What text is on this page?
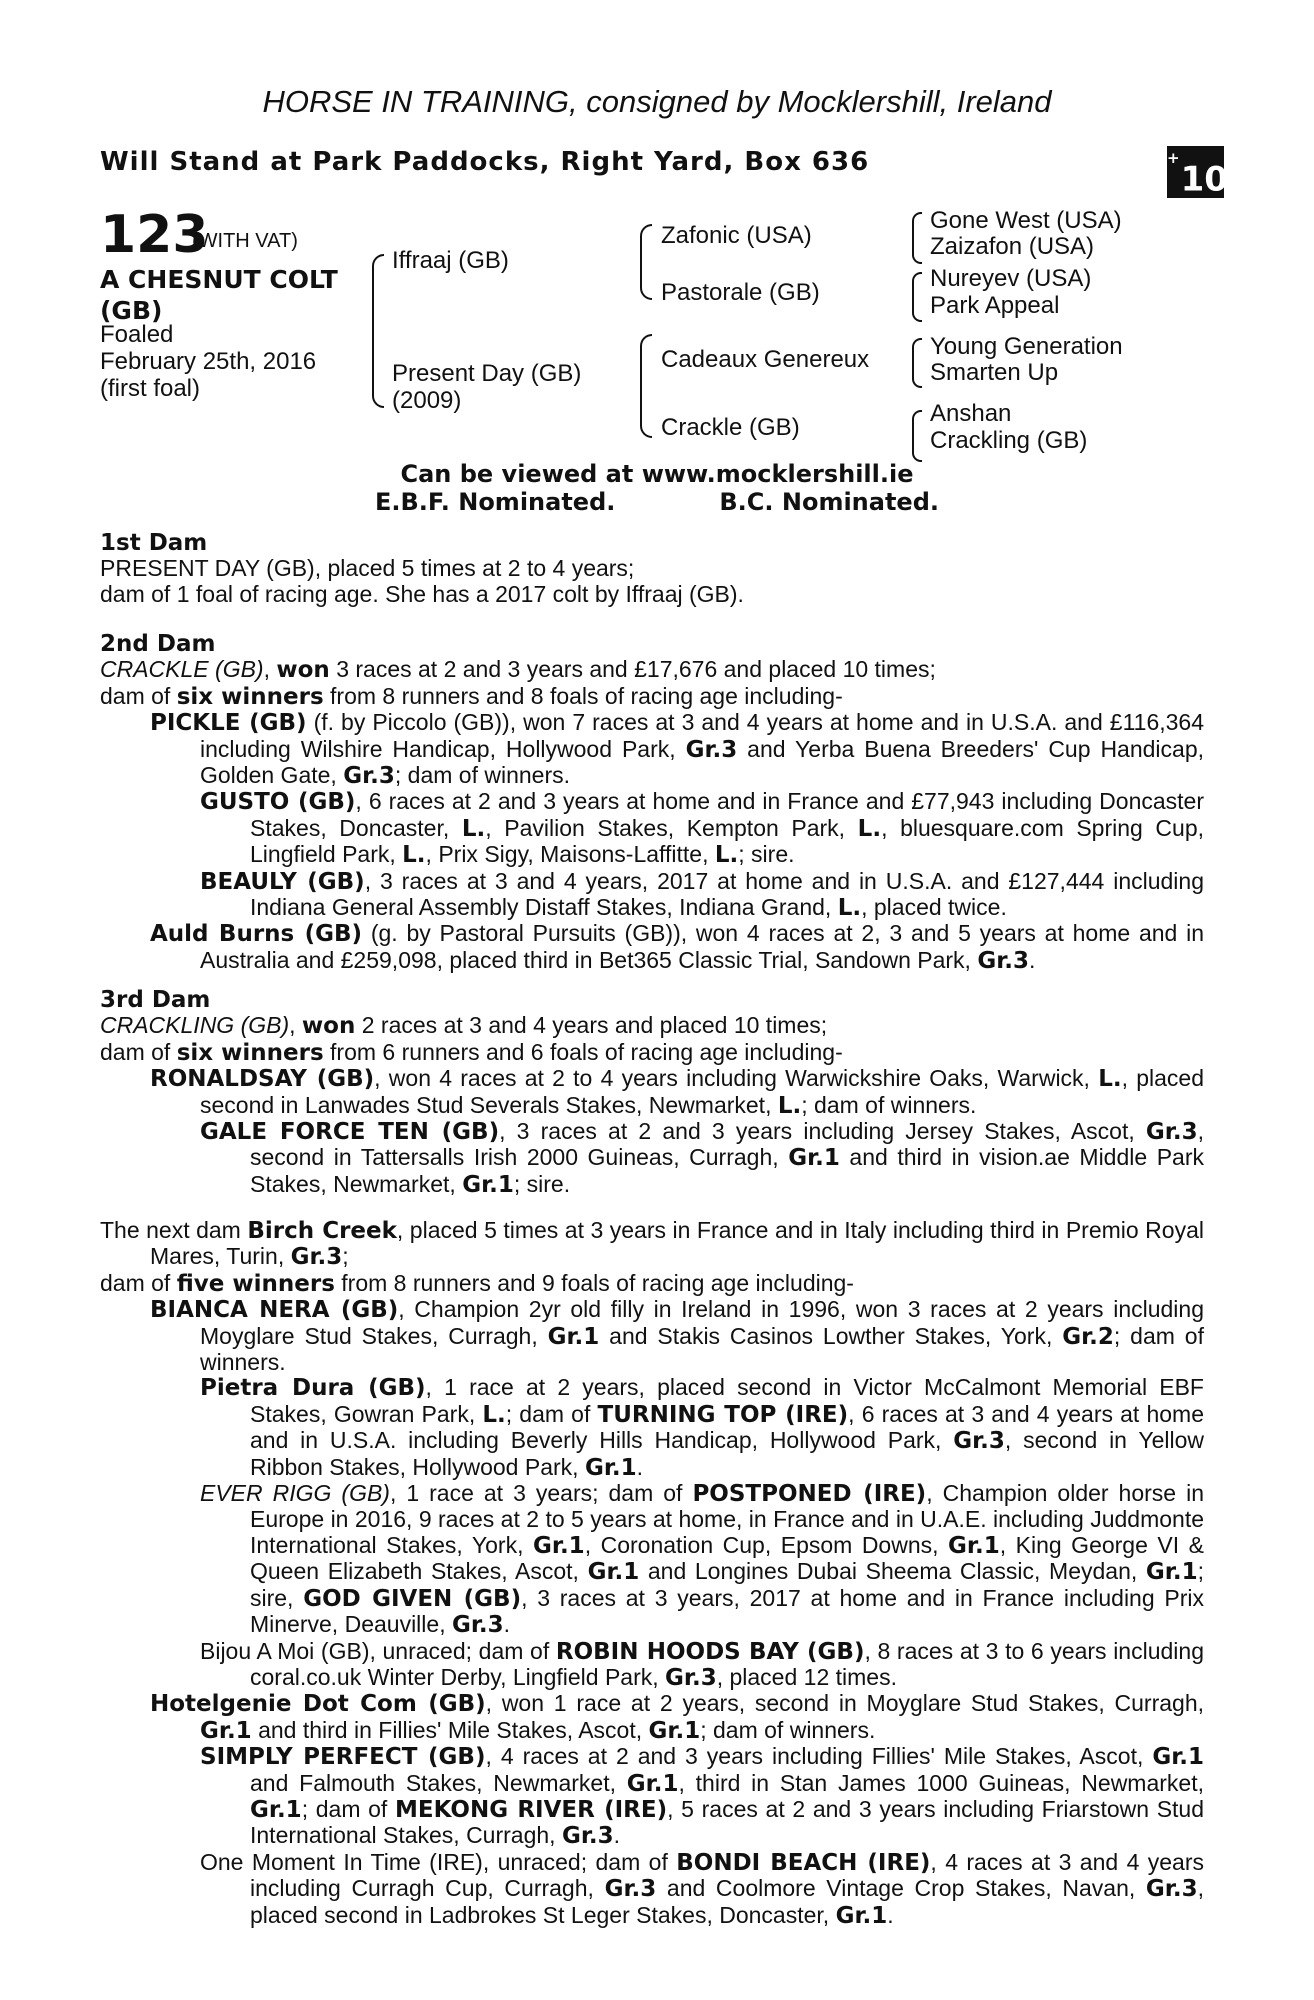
HORSE IN TRAINING, consigned by Mocklershill, Ireland
Will Stand at Park Paddocks, Right Yard, Box 636	+10
123
(WITH VAT)
A CHESNUT COLT
(GB)
Foaled
February 25th, 2016
(first foal)
Iffraaj (GB)
Present Day (GB)
(2009)
Zafonic (USA)
Pastorale (GB)
Cadeaux Genereux
Crackle (GB)
Gone West (USA)
Zaizafon (USA)
Nureyev (USA)
Park Appeal
Young Generation
Smarten Up
Anshan
Crackling (GB)
Can be viewed at www.mocklershill.ie
E.B.F. Nominated.	B.C. Nominated.

1st Dam

PRESENT DAY (GB), placed 5 times at 2 to 4 years;

dam of 1 foal of racing age. She has a 2017 colt by Iffraaj (GB).

2nd Dam

CRACKLE (GB), won 3 races at 2 and 3 years and £17,676 and placed 10 times;

dam of six winners from 8 runners and 8 foals of racing age including-

PICKLE (GB) (f. by Piccolo (GB)), won 7 races at 3 and 4 years at home and in U.S.A. and £116,364 including Wilshire Handicap, Hollywood Park, Gr.3 and Yerba Buena Breeders' Cup Handicap, Golden Gate, Gr.3; dam of winners.

GUSTO (GB), 6 races at 2 and 3 years at home and in France and £77,943 including Doncaster Stakes, Doncaster, L., Pavilion Stakes, Kempton Park, L., bluesquare.com Spring Cup, Lingfield Park, L., Prix Sigy, Maisons-Laffitte, L.; sire.

BEAULY (GB), 3 races at 3 and 4 years, 2017 at home and in U.S.A. and £127,444 including Indiana General Assembly Distaff Stakes, Indiana Grand, L., placed twice.

Auld Burns (GB) (g. by Pastoral Pursuits (GB)), won 4 races at 2, 3 and 5 years at home and in Australia and £259,098, placed third in Bet365 Classic Trial, Sandown Park, Gr.3.

3rd Dam

CRACKLING (GB), won 2 races at 3 and 4 years and placed 10 times;

dam of six winners from 6 runners and 6 foals of racing age including-

RONALDSAY (GB), won 4 races at 2 to 4 years including Warwickshire Oaks, Warwick, L., placed second in Lanwades Stud Severals Stakes, Newmarket, L.; dam of winners.

GALE FORCE TEN (GB), 3 races at 2 and 3 years including Jersey Stakes, Ascot, Gr.3, second in Tattersalls Irish 2000 Guineas, Curragh, Gr.1 and third in vision.ae Middle Park Stakes, Newmarket, Gr.1; sire.

The next dam Birch Creek, placed 5 times at 3 years in France and in Italy including third in Premio Royal Mares, Turin, Gr.3;

dam of five winners from 8 runners and 9 foals of racing age including-

BIANCA NERA (GB), Champion 2yr old filly in Ireland in 1996, won 3 races at 2 years including Moyglare Stud Stakes, Curragh, Gr.1 and Stakis Casinos Lowther Stakes, York, Gr.2; dam of winners.

Pietra Dura (GB), 1 race at 2 years, placed second in Victor McCalmont Memorial EBF Stakes, Gowran Park, L.; dam of TURNING TOP (IRE), 6 races at 3 and 4 years at home and in U.S.A. including Beverly Hills Handicap, Hollywood Park, Gr.3, second in Yellow Ribbon Stakes, Hollywood Park, Gr.1.

EVER RIGG (GB), 1 race at 3 years; dam of POSTPONED (IRE), Champion older horse in Europe in 2016, 9 races at 2 to 5 years at home, in France and in U.A.E. including Juddmonte International Stakes, York, Gr.1, Coronation Cup, Epsom Downs, Gr.1, King George VI & Queen Elizabeth Stakes, Ascot, Gr.1 and Longines Dubai Sheema Classic, Meydan, Gr.1; sire, GOD GIVEN (GB), 3 races at 3 years, 2017 at home and in France including Prix Minerve, Deauville, Gr.3.

Bijou A Moi (GB), unraced; dam of ROBIN HOODS BAY (GB), 8 races at 3 to 6 years including coral.co.uk Winter Derby, Lingfield Park, Gr.3, placed 12 times.

Hotelgenie Dot Com (GB), won 1 race at 2 years, second in Moyglare Stud Stakes, Curragh, Gr.1 and third in Fillies' Mile Stakes, Ascot, Gr.1; dam of winners.

SIMPLY PERFECT (GB), 4 races at 2 and 3 years including Fillies' Mile Stakes, Ascot, Gr.1 and Falmouth Stakes, Newmarket, Gr.1, third in Stan James 1000 Guineas, Newmarket, Gr.1; dam of MEKONG RIVER (IRE), 5 races at 2 and 3 years including Friarstown Stud International Stakes, Curragh, Gr.3.

One Moment In Time (IRE), unraced; dam of BONDI BEACH (IRE), 4 races at 3 and 4 years including Curragh Cup, Curragh, Gr.3 and Coolmore Vintage Crop Stakes, Navan, Gr.3, placed second in Ladbrokes St Leger Stakes, Doncaster, Gr.1.
